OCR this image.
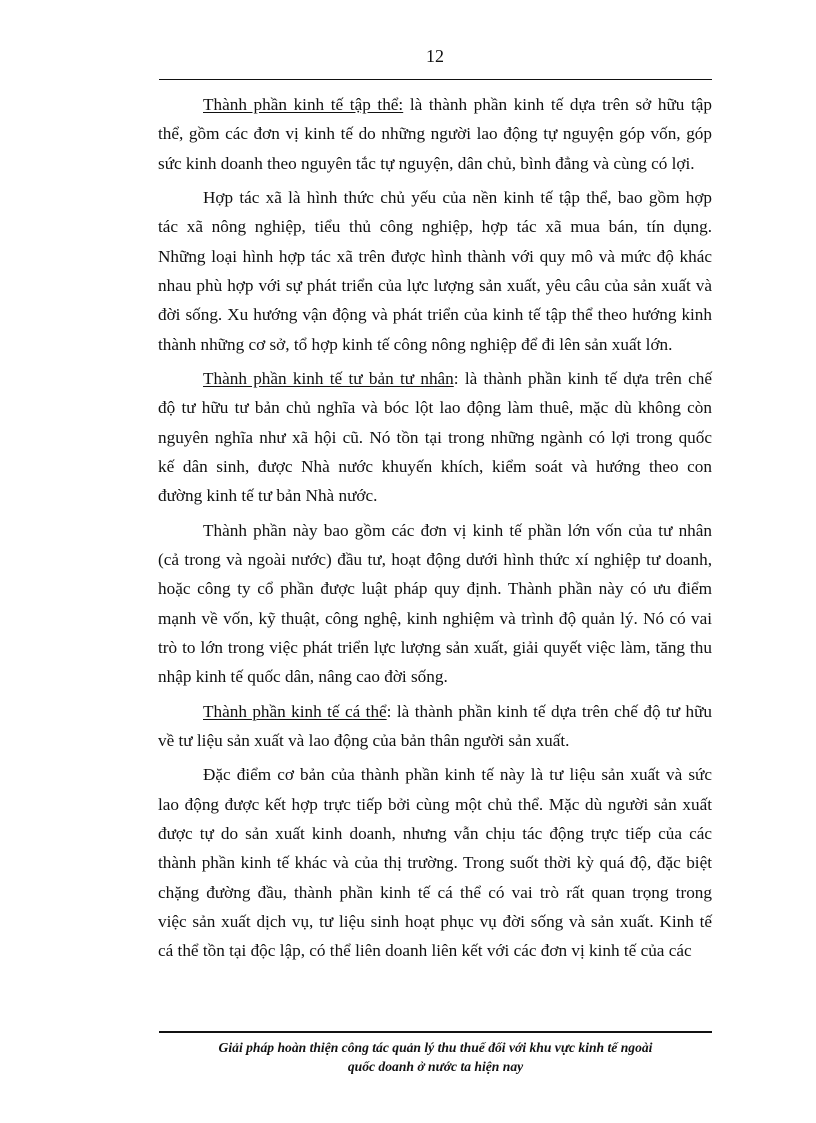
12
Thành phần kinh tế tập thể: là thành phần kinh tế dựa trên sở hữu tập
thể, gồm các đơn vị kinh tế do những người lao động tự nguyện góp vốn, góp
sức kinh doanh theo nguyên tắc tự nguyện, dân chủ, bình đẳng và cùng có lợi.
Hợp tác xã là hình thức chủ yếu của nền kinh tế tập thể, bao gồm hợp
tác xã nông nghiệp, tiểu thủ công nghiệp, hợp tác xã mua bán, tín dụng.
Những loại hình hợp tác xã trên được hình thành với quy mô và mức độ khác
nhau phù hợp với sự phát triển của lực lượng sản xuất, yêu câu của sản xuất và
đời sống. Xu hướng vận động và phát triển của kinh tế tập thể theo hướng kinh
thành những cơ sở, tổ hợp kinh tế công nông nghiệp để đi lên sản xuất lớn.
Thành phần kinh tế tư bản tư nhân: là thành phần kinh tế dựa trên chế
độ tư hữu tư bản chủ nghĩa và bóc lột lao động làm thuê, mặc dù không còn
nguyên nghĩa như xã hội cũ. Nó tồn tại trong những ngành có lợi trong quốc
kế dân sinh, được Nhà nước khuyến khích, kiểm soát và hướng theo con
đường kinh tế tư bản Nhà nước.
Thành phần này bao gồm các đơn vị kinh tế phần lớn vốn của tư nhân
(cả trong và ngoài nước) đầu tư, hoạt động dưới hình thức xí nghiệp tư doanh,
hoặc công ty cổ phần được luật pháp quy định. Thành phần này có ưu điểm
mạnh về vốn, kỹ thuật, công nghệ, kinh nghiệm và trình độ quản lý. Nó có vai
trò to lớn trong việc phát triển lực lượng sản xuất, giải quyết việc làm, tăng thu
nhập kinh tế quốc dân, nâng cao đời sống.
Thành phần kinh tế cá thể: là thành phần kinh tế dựa trên chế độ tư hữu
về tư liệu sản xuất và lao động của bản thân người sản xuất.
Đặc điểm cơ bản của thành phần kinh tế này là tư liệu sản xuất và sức
lao động được kết hợp trực tiếp bởi cùng một chủ thể. Mặc dù người sản xuất
được tự do sản xuất kinh doanh, nhưng vẫn chịu tác động trực tiếp của các
thành phần kinh tế khác và của thị trường. Trong suốt thời kỳ quá độ, đặc biệt
chặng đường đầu, thành phần kinh tế cá thể có vai trò rất quan trọng trong
việc sản xuất dịch vụ, tư liệu sinh hoạt phục vụ đời sống và sản xuất. Kinh tế
cá thể tồn tại độc lập, có thể liên doanh liên kết với các đơn vị kinh tế của các
Giải pháp hoàn thiện công tác quản lý thu thuế đối với khu vực kinh tế ngoài
quốc doanh ở nước ta hiện nay
